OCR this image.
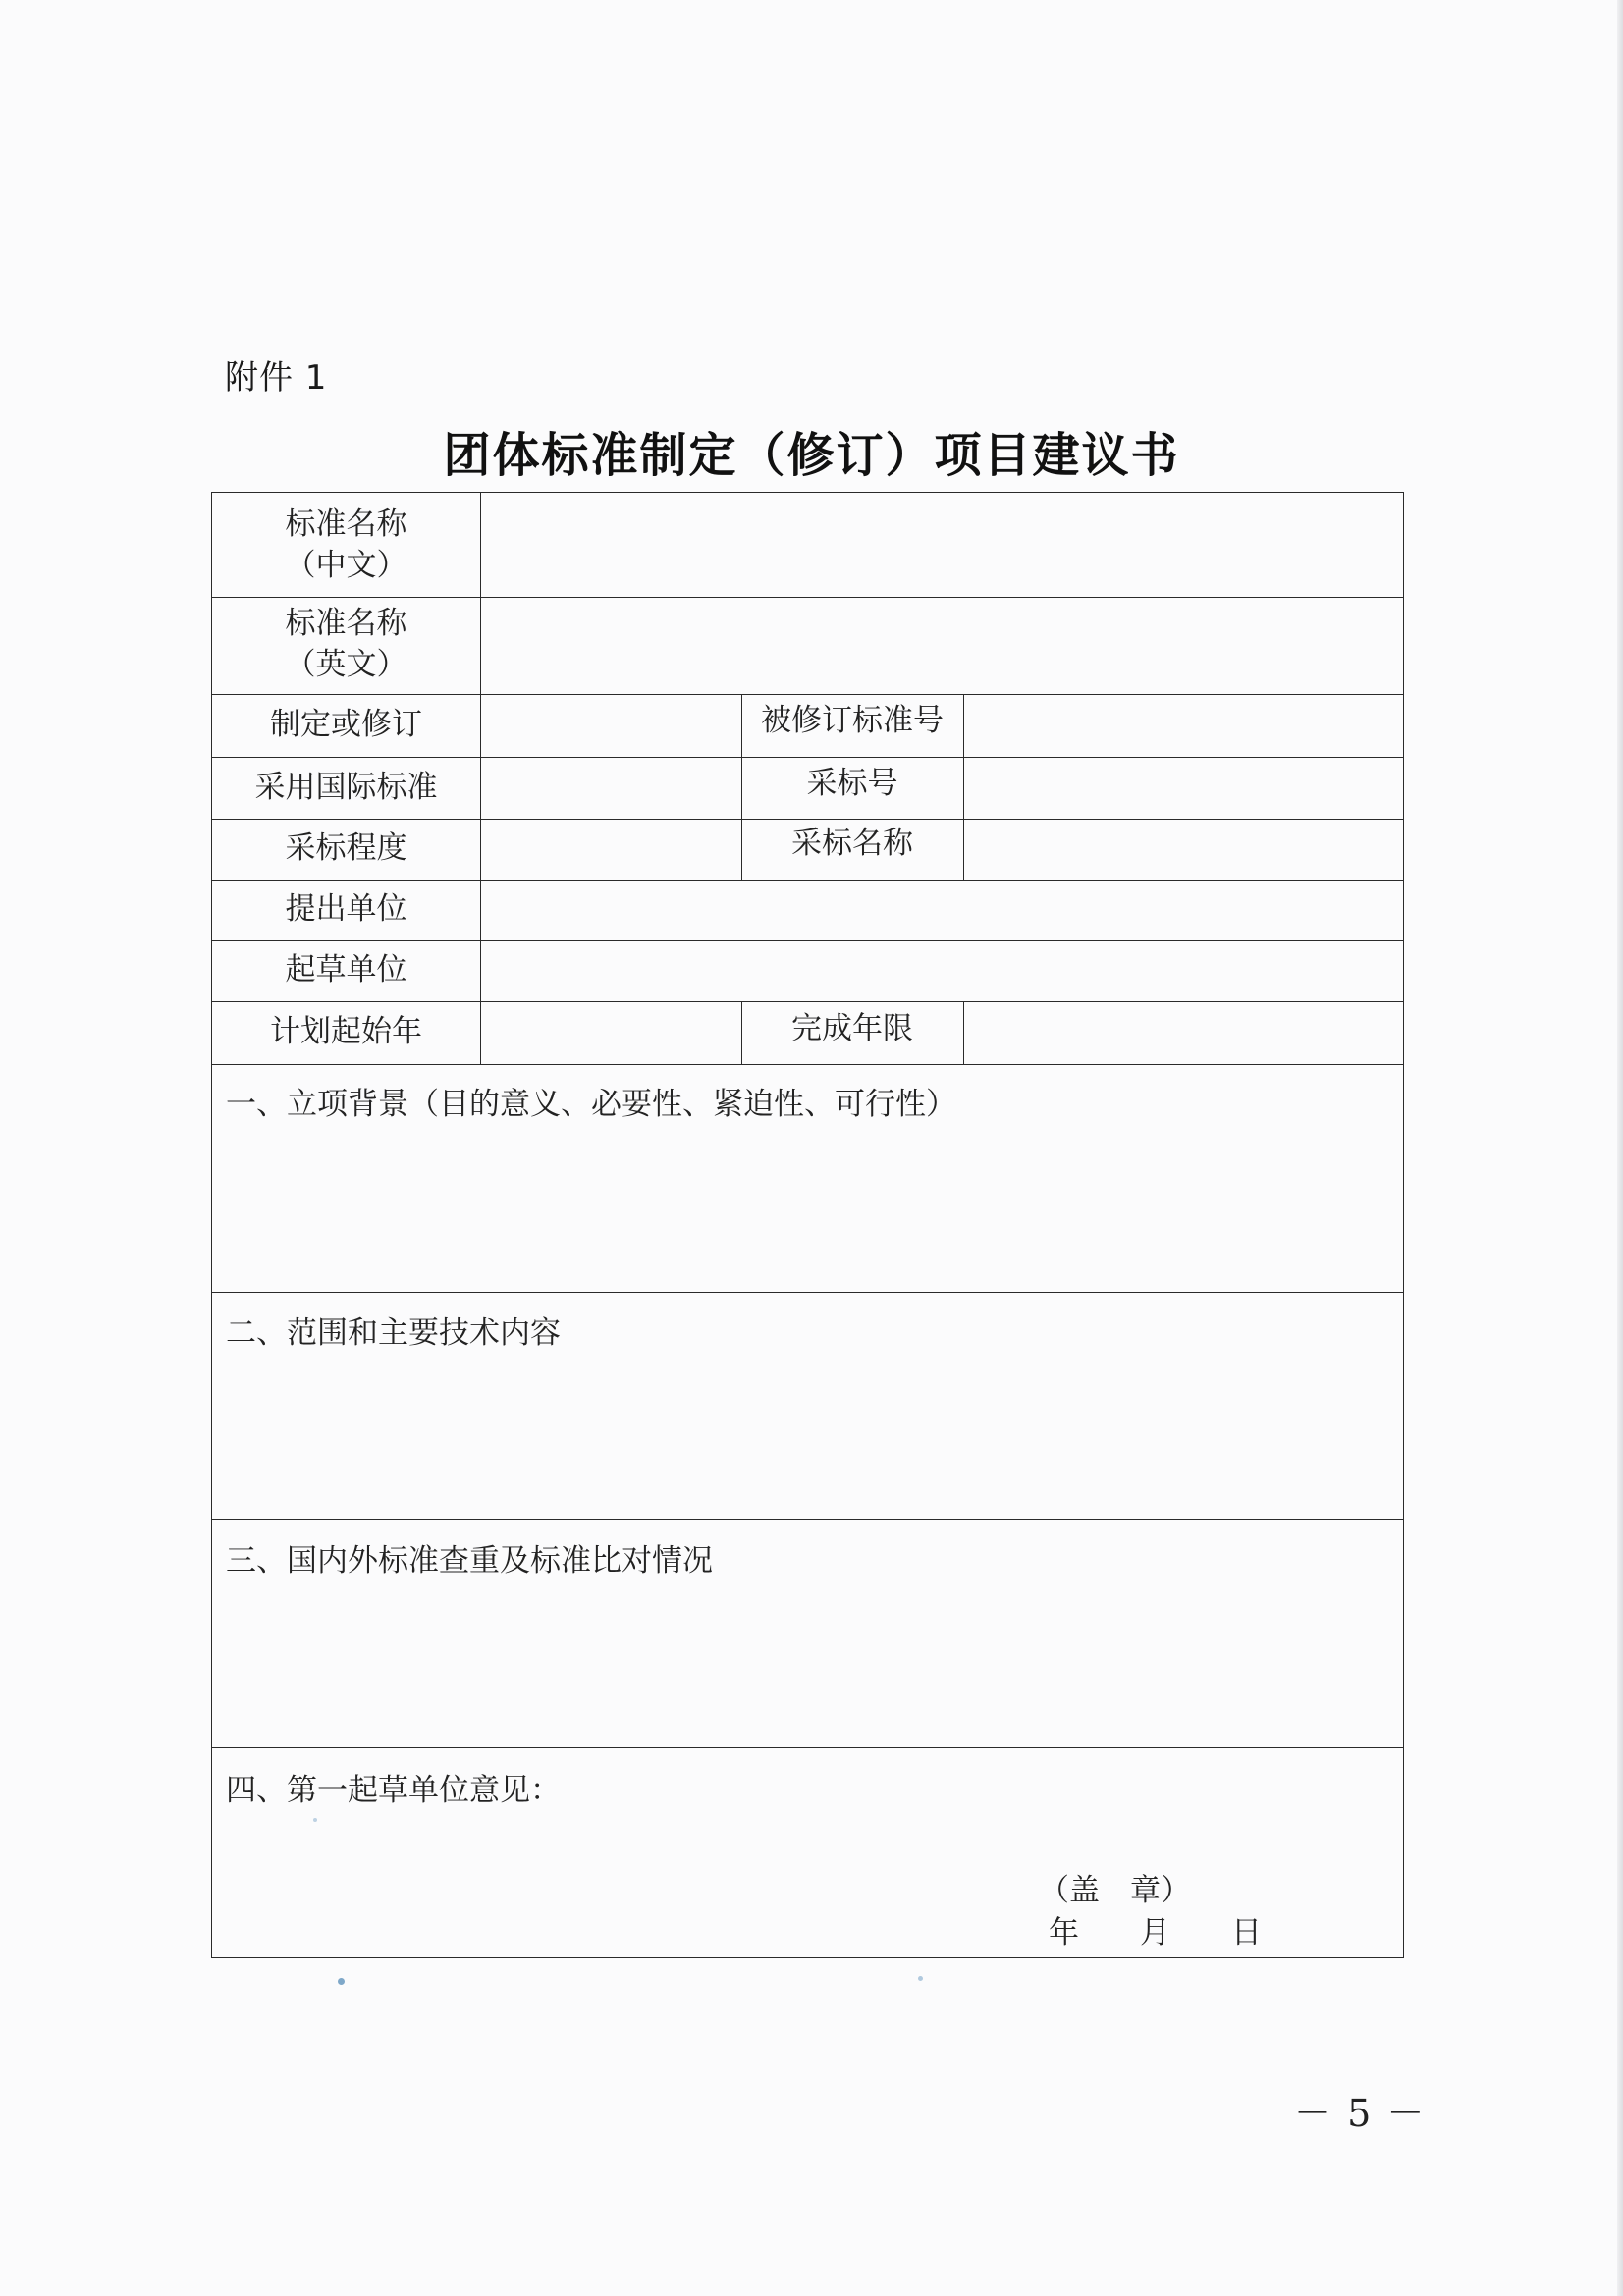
附件 1
团体标准制定（修订）项目建议书
标准名称
（中文）
标准名称
（英文）
制定或修订	被修订标准号
采用国际标准	采标号
采标程度	采标名称
提出单位
起草单位
计划起始年	完成年限
一、立项背景（目的意义、必要性、紧迫性、可行性）
二、范围和主要技术内容
三、国内外标准查重及标准比对情况
四、第一起草单位意见：
（盖　章）
年　　月　　日
－ 5 －
